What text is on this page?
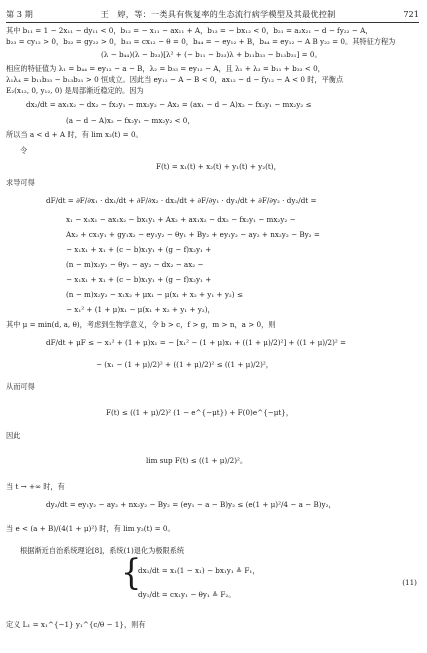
第 3 期	王　婷，等：一类具有恢复率的生态流行病学模型及其最优控制	721
其中 b₁₁ = 1 − 2x₁₁ − dy₁₁ < 0，b₁₂ = − x₁₁ − ax₁₁ + A，b₁₃ = − bx₁₂ < 0，b₂₁ = a₂x₂₁ − d − fy₂₂ − A，
b₂₃ = cy₁₂ > 0，b₃₂ = gy₂₂ > 0，b₃₃ = cx₁₂ − θ = 0，b₄₄ = − ey₁₂ + B，b₄₄ = ey₁₂ − A B y₂₂ = 0。其特征方程为
(λ − b₄₄)(λ − b₃₃)[λ² + (− b₁₁ − b₃₃)λ + b₁₁b₃₃ − b₁₃b₃₁] = 0。
相应的特征值为 λ₁ = b₄₄ = ey₁₂ − a − B，λ₂ = b₃₃ = ey₁₂ − A，且 λ₁ + λ₃ = b₁₁ + b₃₃ < 0，
λ₁λ₄ = b₁₁b₃₃ − b₁₃b₃₁ > 0 恒成立。因此当 ey₁₂ − A − B < 0，ax₁₂ − d − fy₁₂ − A < 0 时，平衡点
E₂(x₁₂, 0, y₁₂, 0) 是局部渐近稳定的。因为
dx₂/dt = ax₁x₂ − dx₂ − fx₂y₁ − mx₂y₂ − Ax₂ = (ax₁ − d − A)x₂ − fx₂y₁ − mx₂y₂ ≤
(a − d − A)x₂ − fx₂y₁ − mx₂y₂ < 0，
所以当 a < d + A 时，有 lim x₂(t) = 0。
令
F(t) = x₁(t) + x₂(t) + y₁(t) + y₂(t)，
求导可得
dF/dt = ∂F/∂x₁ · dx₁/dt + ∂F/∂x₂ · dx₂/dt + ∂F/∂y₁ · dy₁/dt + ∂F/∂y₂ · dy₂/dt =
x₁ − x₁x₁ − ax₁x₂ − bx₁y₁ + Ax₂ + ax₁x₂ − dx₂ − fx₂y₁ − mx₂y₂ −
Ax₂ + cx₁y₁ + gy₁x₂ − ey₁y₂ − θy₁ + By₂ + ey₁y₂ − ay₂ + nx₂y₂ − By₂ =
− x₁x₁ + x₁ + (c − b)x₁y₁ + (g − f)x₂y₁ +
(n − m)x₂y₂ − θy₁ − ay₂ − dx₂ − ax₂ −
− x₁x₁ + x₁ + (c − b)x₁y₁ + (g − f)x₂y₁ +
(n − m)x₂y₂ − x₁x₂ + μx₁ − μ(x₁ + x₂ + y₁ + y₂) ≤
− x₁² + (1 + μ)x₁ − μ(x₁ + x₂ + y₁ + y₂)，
其中 μ = min(d, a, θ)，考虑到生物学意义，令 b > c，f > g，m > n，a > 0，则
dF/dt + μF ≤ − x₁² + (1 + μ)x₁ = − [x₁² − (1 + μ)x₁ + ((1 + μ)/2)²] + ((1 + μ)/2)² =
− (x₁ − (1 + μ)/2)² + ((1 + μ)/2)² ≤ ((1 + μ)/2)²，
从而可得
F(t) ≤ ((1 + μ)/2)² (1 − e^{−μt}) + F(0)e^{−μt}，
因此
lim sup F(t) ≤ ((1 + μ)/2)²。
当 t → +∞ 时，有
dy₂/dt = ey₁y₂ − ay₂ + nx₂y₂ − By₂ = (ey₁ − a − B)y₂ ≤ (e(1 + μ)²/4 − a − B)y₂，
当 e < (a + B)/(4(1 + μ)²) 时，有 lim y₂(t) = 0。
根据渐近自治系统理论[8]，系统(1)退化为极限系统
{
dx₁/dt = x₁(1 − x₁) − bx₁y₁ ≜ F₁，
dy₁/dt = cx₁y₁ − θy₁ ≜ F₂。
(11)
定义 L₁ = x₁^{−1} y₁^{c/θ − 1}，则有
